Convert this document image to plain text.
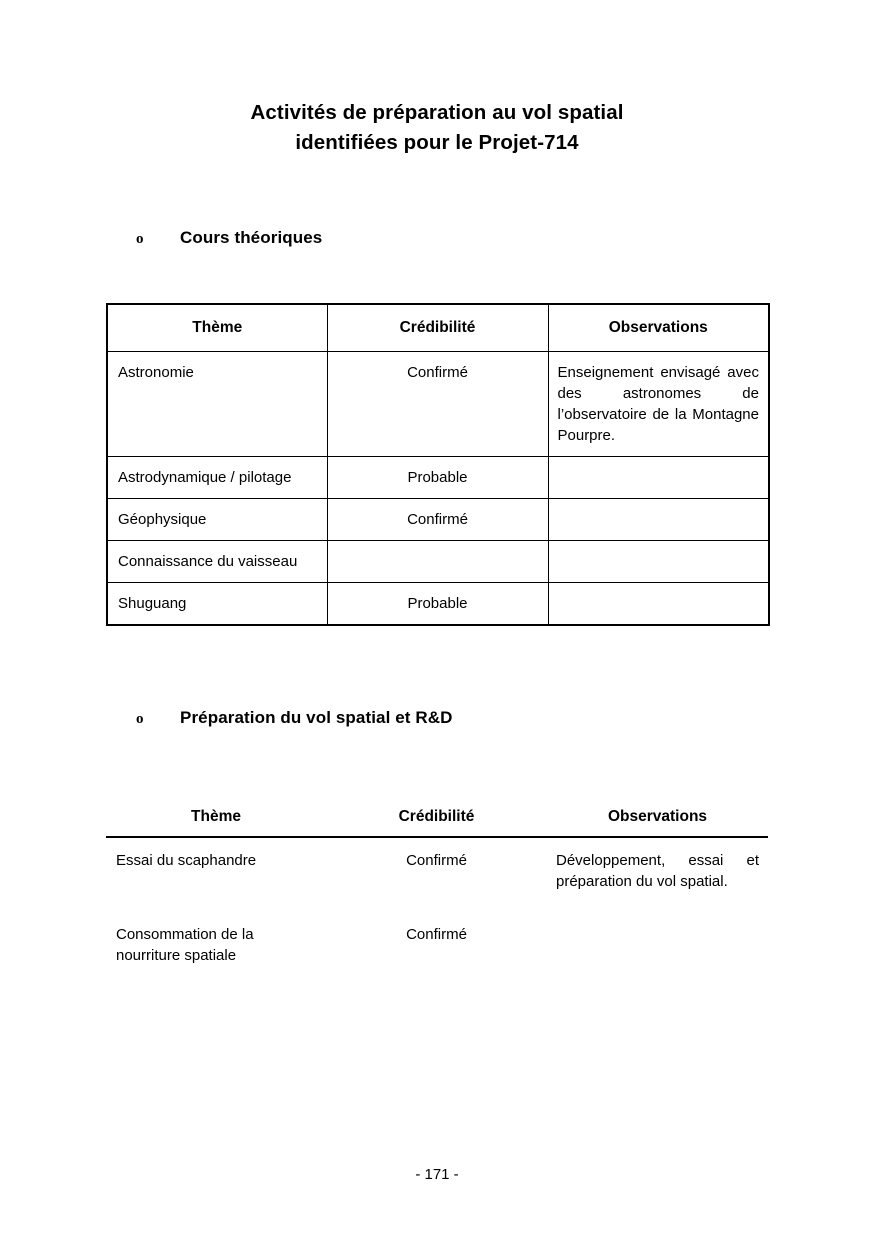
Activités de préparation au vol spatial
identifiées pour le Projet-714
o	Cours théoriques
Thème	Crédibilité	Observations
Astronomie	Confirmé	Enseignement envisagé avec des astronomes de l’observatoire de la Montagne Pourpre.
Astrodynamique / pilotage	Probable	
Géophysique	Confirmé	
Connaissance du vaisseau		
Shuguang	Probable	
o	Préparation du vol spatial et R&D
Thème	Crédibilité	Observations
Essai du scaphandre	Confirmé	Développement, essai et préparation du vol spatial.
Consommation de la nourriture spatiale	Confirmé	
- 171 -
